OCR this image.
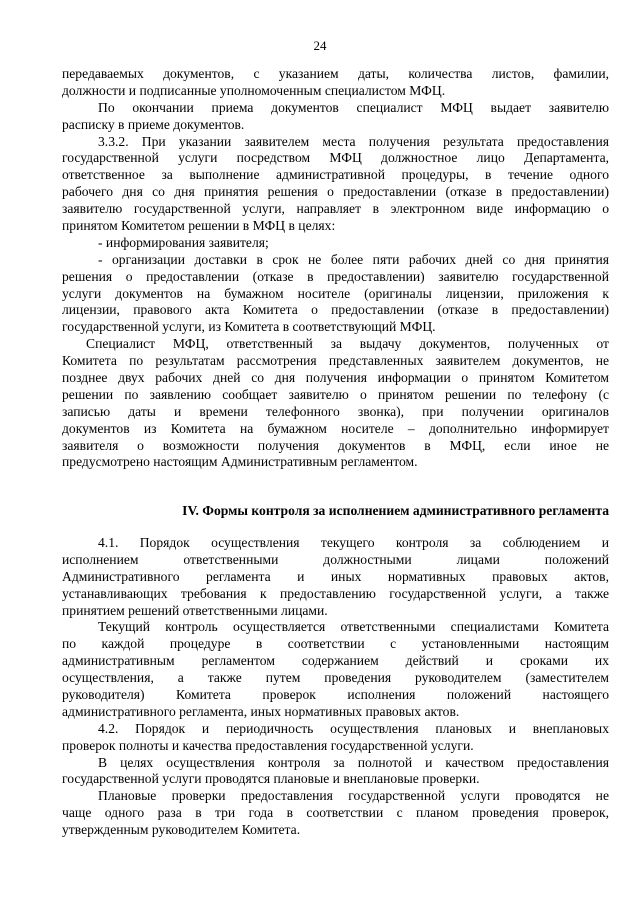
24
передаваемых документов, с указанием даты, количества листов, фамилии,
должности и подписанные уполномоченным специалистом МФЦ.
По окончании приема документов специалист МФЦ выдает заявителю
расписку в приеме документов.
3.3.2. При указании заявителем места получения результата предоставления
государственной услуги посредством МФЦ должностное лицо Департамента,
ответственное за выполнение административной процедуры, в течение одного
рабочего дня со дня принятия решения о предоставлении (отказе в предоставлении)
заявителю государственной услуги, направляет в электронном виде информацию о
принятом Комитетом решении в МФЦ в целях:
- информирования заявителя;
- организации доставки в срок не более пяти рабочих дней со дня принятия
решения о предоставлении (отказе в предоставлении) заявителю государственной
услуги документов на бумажном носителе (оригиналы лицензии, приложения к
лицензии, правового акта Комитета о предоставлении (отказе в предоставлении)
государственной услуги, из Комитета в соответствующий МФЦ.
Специалист МФЦ, ответственный за выдачу документов, полученных от
Комитета по результатам рассмотрения представленных заявителем документов, не
позднее двух рабочих дней со дня получения информации о принятом Комитетом
решении по заявлению сообщает заявителю о принятом решении по телефону (с
записью даты и времени телефонного звонка), при получении оригиналов
документов из Комитета на бумажном носителе – дополнительно информирует
заявителя о возможности получения документов в МФЦ, если иное не
предусмотрено настоящим Административным регламентом.
IV. Формы контроля за исполнением административного регламента
4.1. Порядок осуществления текущего контроля за соблюдением и
исполнением ответственными должностными лицами положений
Административного регламента и иных нормативных правовых актов,
устанавливающих требования к предоставлению государственной услуги, а также
принятием решений ответственными лицами.
Текущий контроль осуществляется ответственными специалистами Комитета
по каждой процедуре в соответствии с установленными настоящим
административным регламентом содержанием действий и сроками их
осуществления, а также путем проведения руководителем (заместителем
руководителя) Комитета проверок исполнения положений настоящего
административного регламента, иных нормативных правовых актов.
4.2. Порядок и периодичность осуществления плановых и внеплановых
проверок полноты и качества предоставления государственной услуги.
В целях осуществления контроля за полнотой и качеством предоставления
государственной услуги проводятся плановые и внеплановые проверки.
Плановые проверки предоставления государственной услуги проводятся не
чаще одного раза в три года в соответствии с планом проведения проверок,
утвержденным руководителем Комитета.
